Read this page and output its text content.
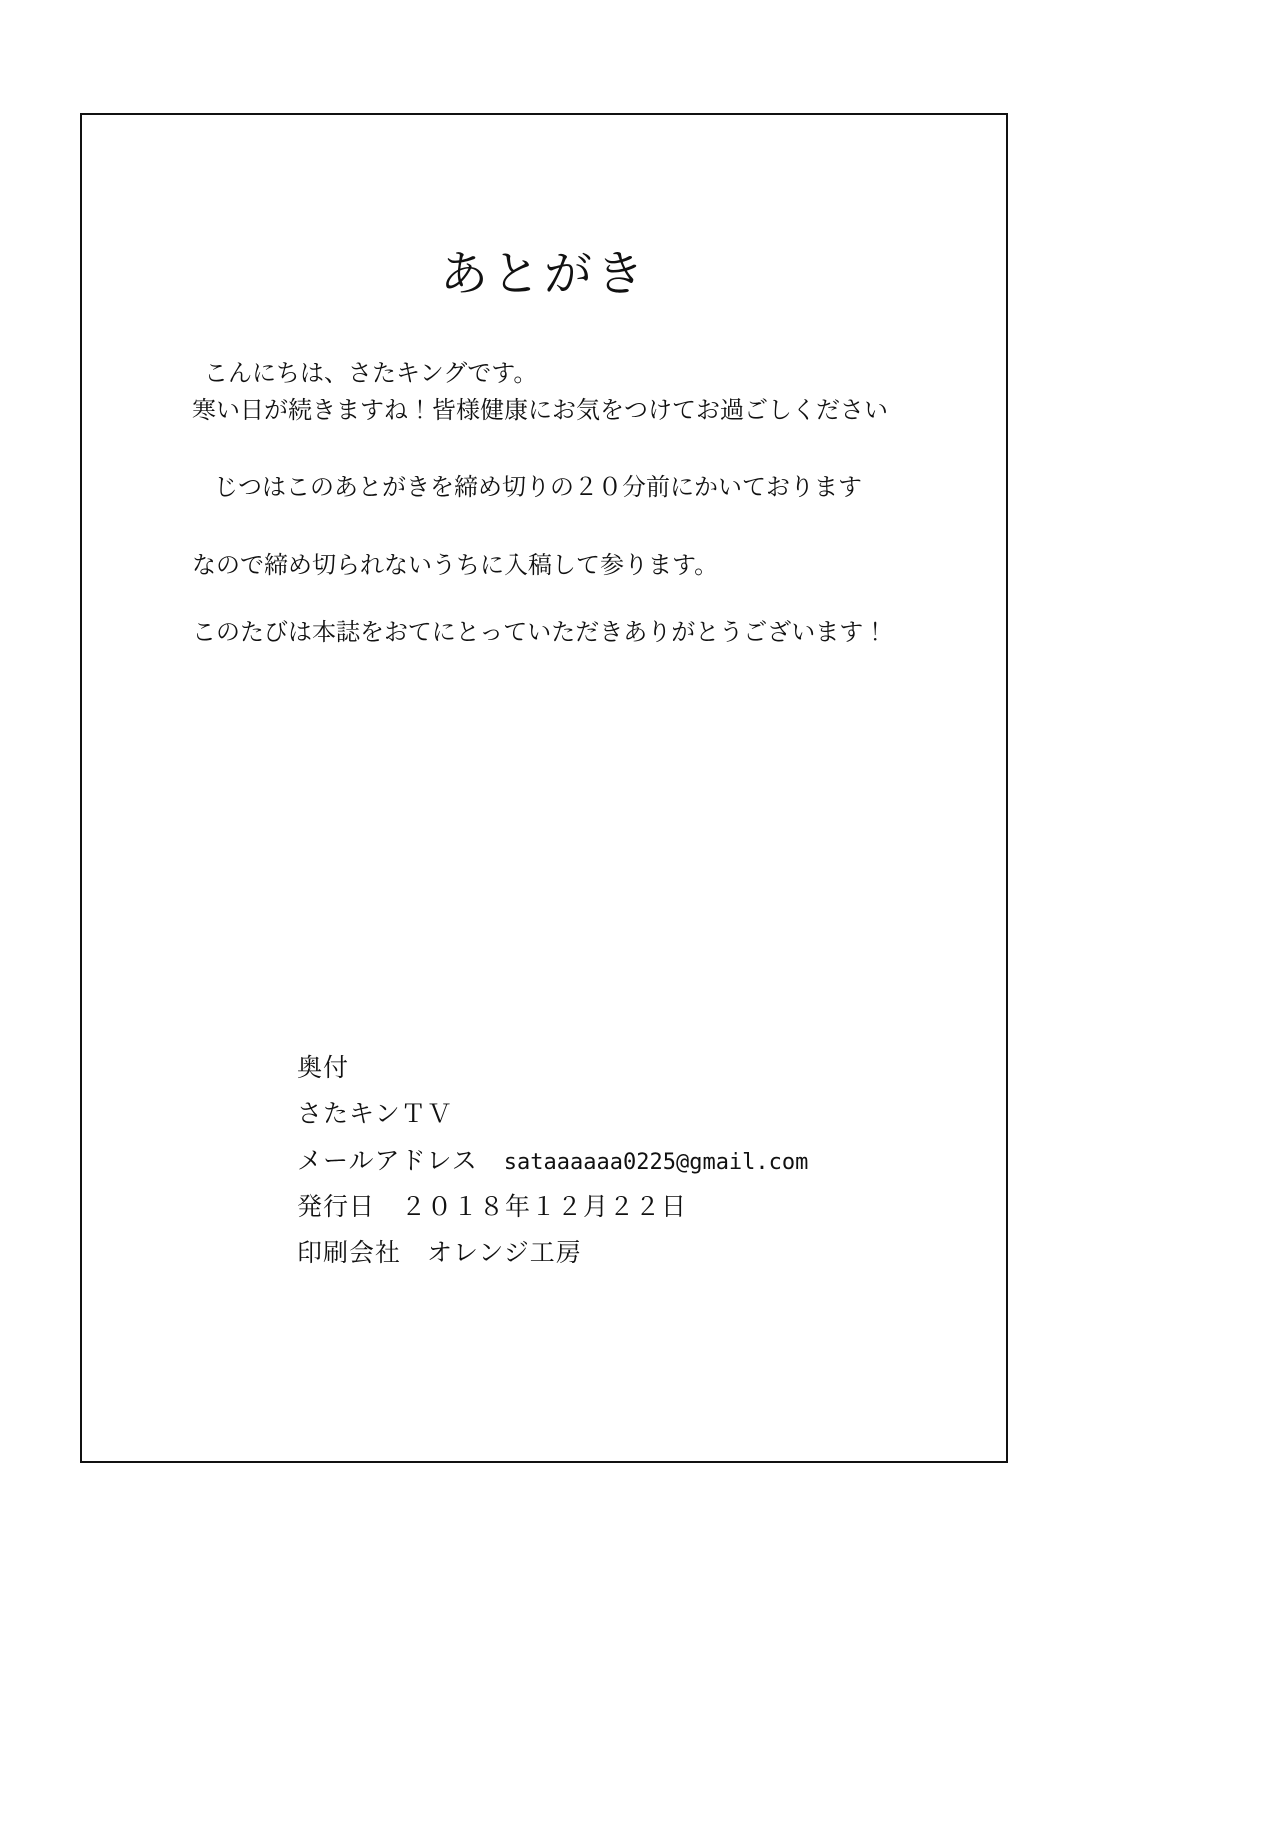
あとがき
こんにちは、さたキングです。
寒い日が続きますね！皆様健康にお気をつけてお過ごしください
じつはこのあとがきを締め切りの２０分前にかいております
なので締め切られないうちに入稿して参ります。
このたびは本誌をおてにとっていただきありがとうございます！
奥付
さたキンＴＶ
メールアドレス sataaaaaa0225@gmail.com
発行日 ２０１８年１２月２２日
印刷会社 オレンジ工房
